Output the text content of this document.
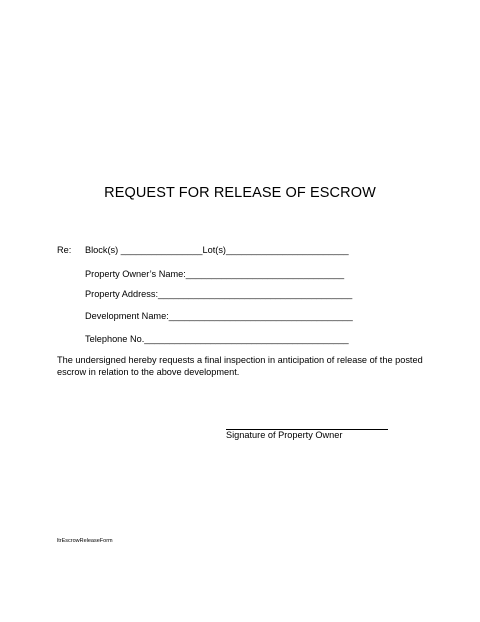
REQUEST FOR RELEASE OF ESCROW
Re: Block(s) ________________Lot(s)________________________
Property Owner’s Name:_______________________________
Property Address:______________________________________
Development Name:____________________________________
Telephone No.________________________________________
The undersigned hereby requests a final inspection in anticipation of release of the posted escrow in relation to the above development.
Signature of Property Owner
ltrEscrowReleaseForm
